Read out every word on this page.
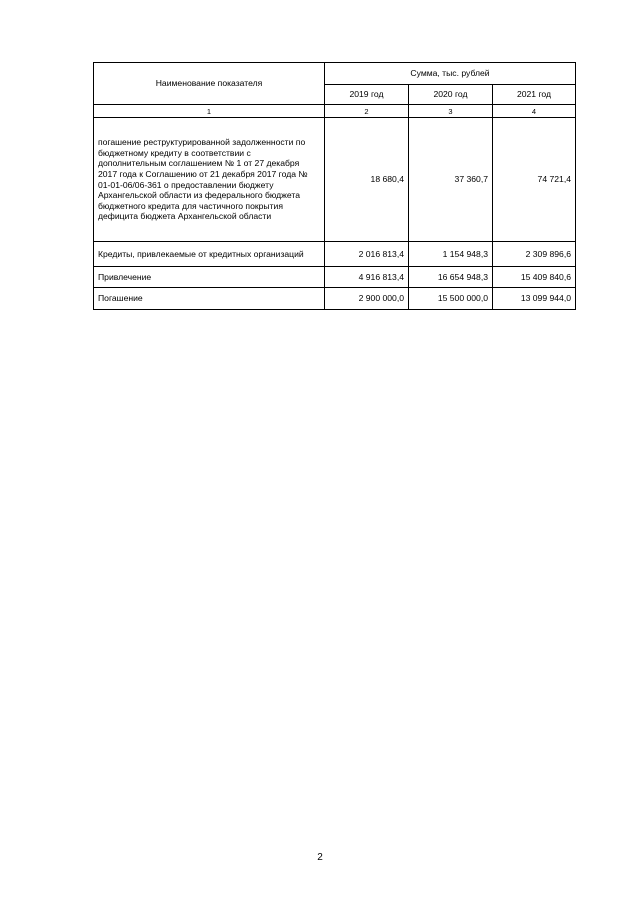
Наименование показателя	Сумма, тыс. рублей		
	2019 год	2020 год	2021 год
1	2	3	4
погашение реструктурированной задолженности по бюджетному кредиту в соответствии с дополнительным соглашением № 1 от 27 декабря 2017 года к Соглашению от 21 декабря 2017 года № 01-01-06/06-361 о предоставлении бюджету Архангельской области из федерального бюджета бюджетного кредита для частичного покрытия дефицита бюджета Архангельской области	18 680,4	37 360,7	74 721,4
Кредиты, привлекаемые от кредитных организаций	2 016 813,4	1 154 948,3	2 309 896,6
Привлечение	4 916 813,4	16 654 948,3	15 409 840,6
Погашение	2 900 000,0	15 500 000,0	13 099 944,0
2
